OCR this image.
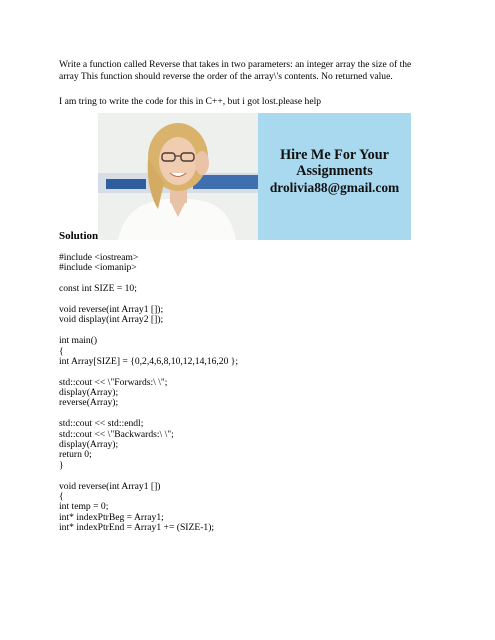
Write a function called Reverse that takes in two parameters: an integer array the size of the array This function should reverse the order of the array\'s contents. No returned value.

I am tring to write the code for this in C++, but i got lost.please help

Hire Me For Your
Assignments
drolivia88@gmail.com

Solution

#include <iostream>
#include <iomanip>
const int SIZE = 10;
void reverse(int Array1 []);
void display(int Array2 []);
int main()
{
int Array[SIZE] = {0,2,4,6,8,10,12,14,16,20 };
std::cout << \"Forwards:\ \";
display(Array);
reverse(Array);
std::cout << std::endl;
std::cout << \"Backwards:\ \";
display(Array);
return 0;
}
void reverse(int Array1 [])
{
int temp = 0;
int* indexPtrBeg = Array1;
int* indexPtrEnd = Array1 += (SIZE-1);
